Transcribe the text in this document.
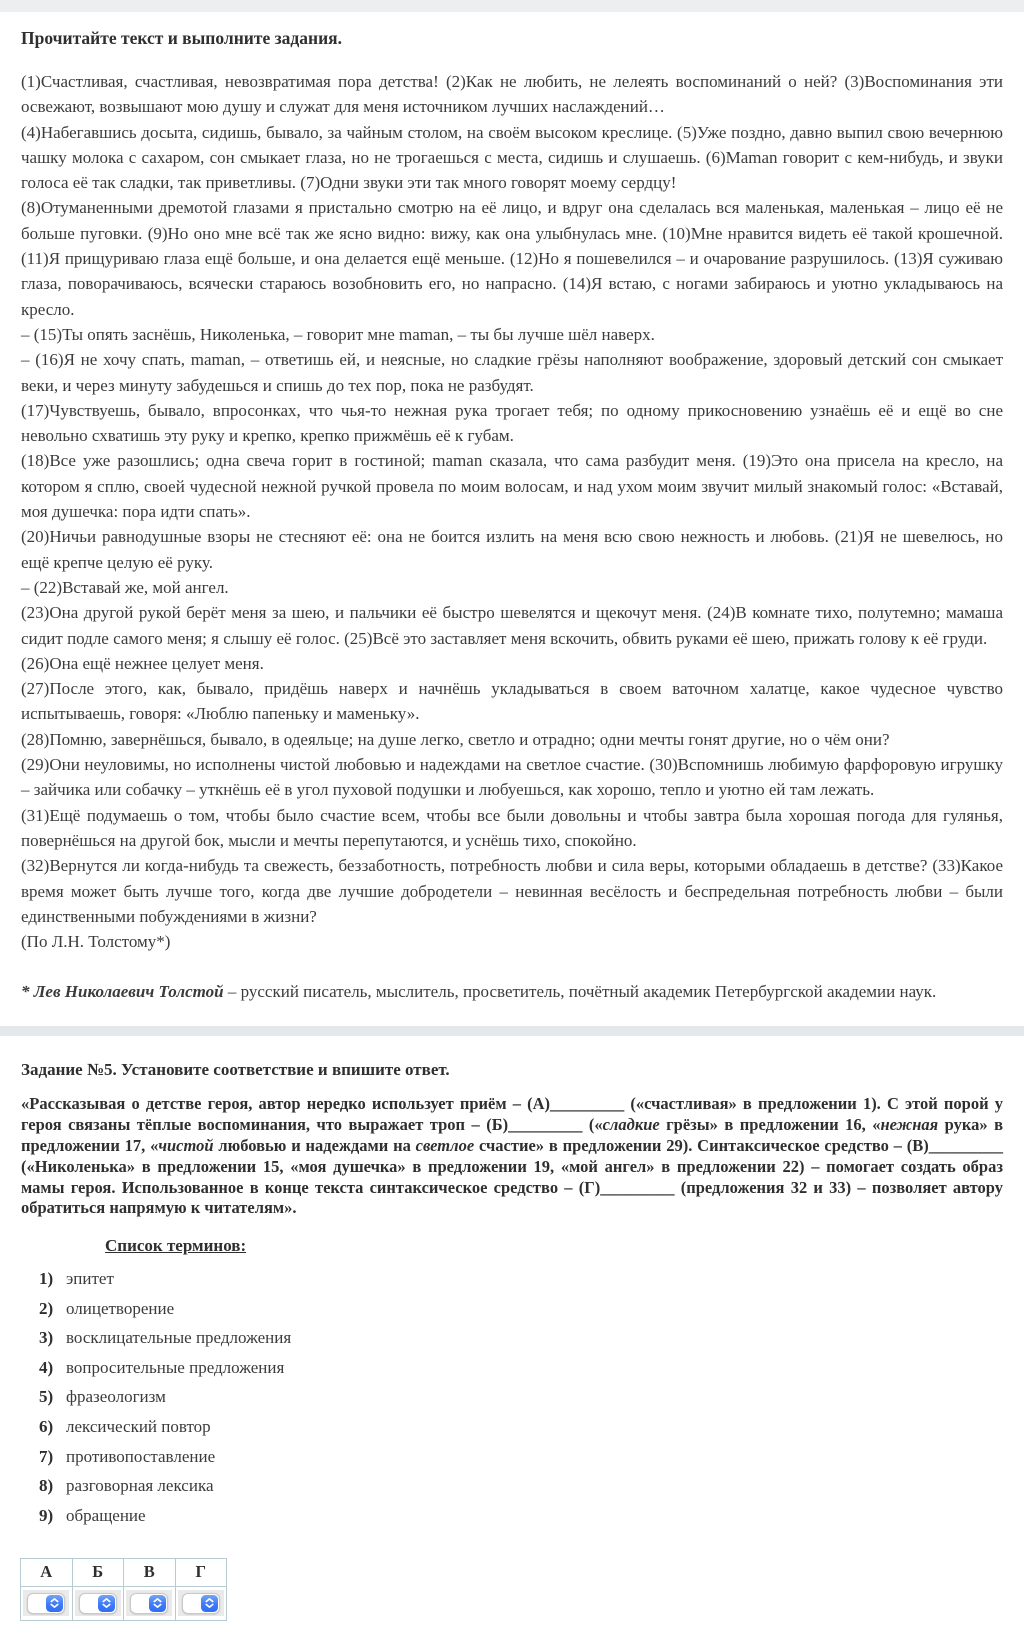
Прочитайте текст и выполните задания.

(1)Счастливая, счастливая, невозвратимая пора детства! (2)Как не любить, не лелеять воспоминаний о ней? (3)Воспоминания эти освежают, возвышают мою душу и служат для меня источником лучших наслаждений…

(4)Набегавшись досыта, сидишь, бывало, за чайным столом, на своём высоком креслице. (5)Уже поздно, давно выпил свою вечернюю чашку молока с сахаром, сон смыкает глаза, но не трогаешься с места, сидишь и слушаешь. (6)Maman говорит с кем-нибудь, и звуки голоса её так сладки, так приветливы. (7)Одни звуки эти так много говорят моему сердцу!

(8)Отуманенными дремотой глазами я пристально смотрю на её лицо, и вдруг она сделалась вся маленькая, маленькая – лицо её не больше пуговки. (9)Но оно мне всё так же ясно видно: вижу, как она улыбнулась мне. (10)Мне нравится видеть её такой крошечной. (11)Я прищуриваю глаза ещё больше, и она делается ещё меньше. (12)Но я пошевелился – и очарование разрушилось. (13)Я суживаю глаза, поворачиваюсь, всячески стараюсь возобновить его, но напрасно. (14)Я встаю, с ногами забираюсь и уютно укладываюсь на кресло.

– (15)Ты опять заснёшь, Николенька, – говорит мне maman, – ты бы лучше шёл наверх.

– (16)Я не хочу спать, maman, – ответишь ей, и неясные, но сладкие грёзы наполняют воображение, здоровый детский сон смыкает веки, и через минуту забудешься и спишь до тех пор, пока не разбудят.

(17)Чувствуешь, бывало, впросонках, что чья-то нежная рука трогает тебя; по одному прикосновению узнаёшь её и ещё во сне невольно схватишь эту руку и крепко, крепко прижмёшь её к губам.

(18)Все уже разошлись; одна свеча горит в гостиной; maman сказала, что сама разбудит меня. (19)Это она присела на кресло, на котором я сплю, своей чудесной нежной ручкой провела по моим волосам, и над ухом моим звучит милый знакомый голос: «Вставай, моя душечка: пора идти спать».

(20)Ничьи равнодушные взоры не стесняют её: она не боится излить на меня всю свою нежность и любовь. (21)Я не шевелюсь, но ещё крепче целую её руку.

– (22)Вставай же, мой ангел.

(23)Она другой рукой берёт меня за шею, и пальчики её быстро шевелятся и щекочут меня. (24)В комнате тихо, полутемно; мамаша сидит подле самого меня; я слышу её голос. (25)Всё это заставляет меня вскочить, обвить руками её шею, прижать голову к её груди.

(26)Она ещё нежнее целует меня.

(27)После этого, как, бывало, придёшь наверх и начнёшь укладываться в своем ваточном халатце, какое чудесное чувство испытываешь, говоря: «Люблю папеньку и маменьку».

(28)Помню, завернёшься, бывало, в одеяльце; на душе легко, светло и отрадно; одни мечты гонят другие, но о чём они?

(29)Они неуловимы, но исполнены чистой любовью и надеждами на светлое счастие. (30)Вспомнишь любимую фарфоровую игрушку – зайчика или собачку – уткнёшь её в угол пуховой подушки и любуешься, как хорошо, тепло и уютно ей там лежать.

(31)Ещё подумаешь о том, чтобы было счастие всем, чтобы все были довольны и чтобы завтра была хорошая погода для гулянья, повернёшься на другой бок, мысли и мечты перепутаются, и уснёшь тихо, спокойно.

(32)Вернутся ли когда-нибудь та свежесть, беззаботность, потребность любви и сила веры, которыми обладаешь в детстве? (33)Какое время может быть лучше того, когда две лучшие добродетели – невинная весёлость и беспредельная потребность любви – были единственными побуждениями в жизни?

(По Л.Н. Толстому*)

* Лев Николаевич Толстой – русский писатель, мыслитель, просветитель, почётный академик Петербургской академии наук.

Задание №5. Установите соответствие и впишите ответ.

«Рассказывая о детстве героя, автор нередко использует приём – (А)_________ («счастливая» в предложении 1). С этой порой у героя связаны тёплые воспоминания, что выражает троп – (Б)_________ («сладкие грёзы» в предложении 16, «нежная рука» в предложении 17, «чистой любовью и надеждами на светлое счастие» в предложении 29). Синтаксическое средство – (В)_________ («Николенька» в предложении 15, «моя душечка» в предложении 19, «мой ангел» в предложении 22) – помогает создать образ мамы героя. Использованное в конце текста синтаксическое средство – (Г)_________ (предложения 32 и 33) – позволяет автору обратиться напрямую к читателям».

Список терминов:
1) эпитет
2) олицетворение
3) восклицательные предложения
4) вопросительные предложения
5) фразеологизм
6) лексический повтор
7) противопоставление
8) разговорная лексика
9) обращение
А	Б	В	Г
